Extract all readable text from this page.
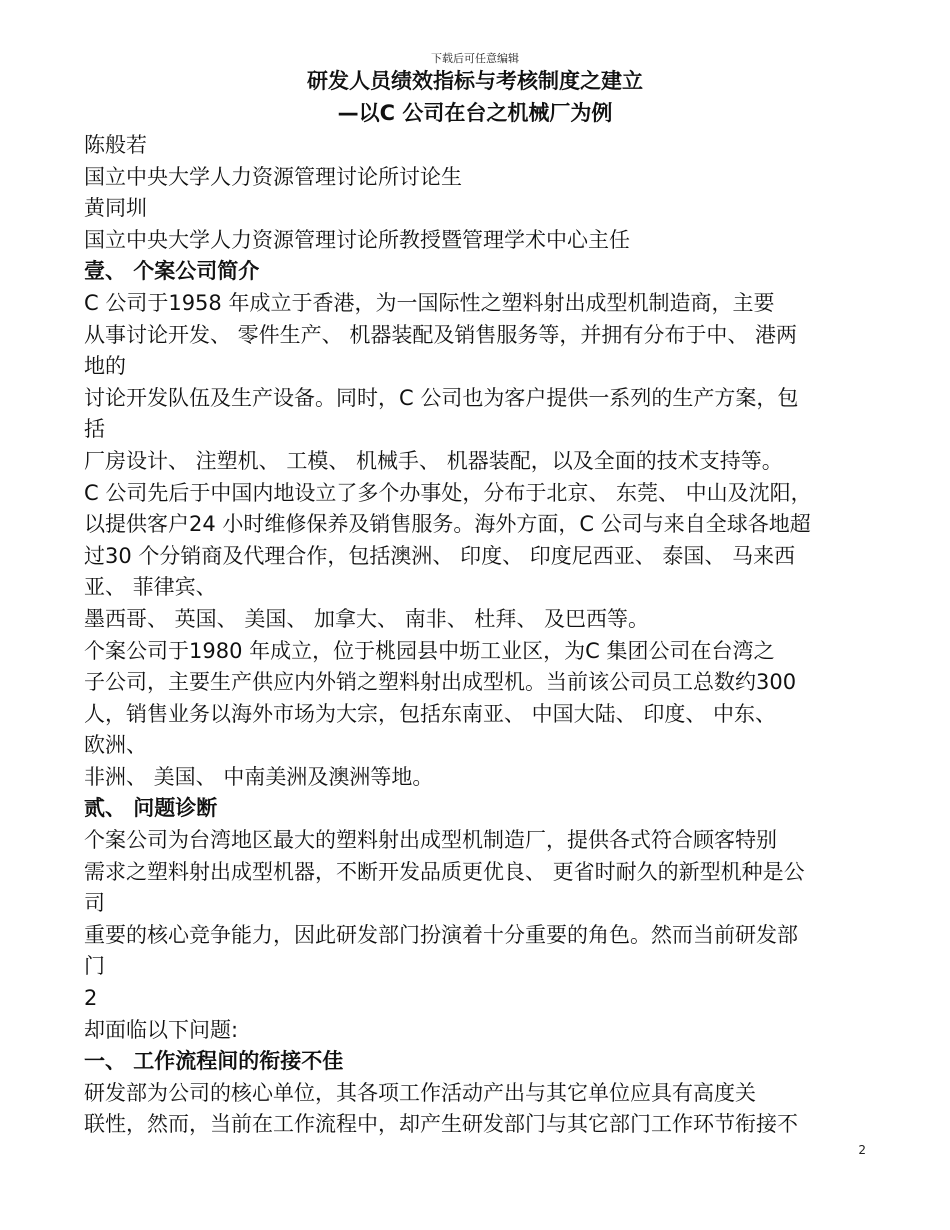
下载后可任意编辑
研发人员绩效指标与考核制度之建立
—以C 公司在台之机械厂为例
陈般若
国立中央大学人力资源管理讨论所讨论生
黄同圳
国立中央大学人力资源管理讨论所教授暨管理学术中心主任
壹、 个案公司简介
C 公司于1958 年成立于香港，为一国际性之塑料射出成型机制造商，主要
从事讨论开发、 零件生产、 机器装配及销售服务等，并拥有分布于中、 港两
地的
讨论开发队伍及生产设备。同时，C 公司也为客户提供一系列的生产方案，包
括
厂房设计、 注塑机、 工模、 机械手、 机器装配，以及全面的技术支持等。
C 公司先后于中国内地设立了多个办事处，分布于北京、 东莞、 中山及沈阳，
以提供客户24 小时维修保养及销售服务。海外方面，C 公司与来自全球各地超
过30 个分销商及代理合作，包括澳洲、 印度、 印度尼西亚、 泰国、 马来西
亚、 菲律宾、
墨西哥、 英国、 美国、 加拿大、 南非、 杜拜、 及巴西等。
个案公司于1980 年成立，位于桃园县中坜工业区，为C 集团公司在台湾之
子公司，主要生产供应内外销之塑料射出成型机。当前该公司员工总数约300
人，销售业务以海外市场为大宗，包括东南亚、 中国大陆、 印度、 中东、
欧洲、
非洲、 美国、 中南美洲及澳洲等地。
贰、 问题诊断
个案公司为台湾地区最大的塑料射出成型机制造厂，提供各式符合顾客特别
需求之塑料射出成型机器，不断开发品质更优良、 更省时耐久的新型机种是公
司
重要的核心竞争能力，因此研发部门扮演着十分重要的角色。然而当前研发部
门
2
却面临以下问题:
一、 工作流程间的衔接不佳
研发部为公司的核心单位，其各项工作活动产出与其它单位应具有高度关
联性，然而，当前在工作流程中，却产生研发部门与其它部门工作环节衔接不
2
